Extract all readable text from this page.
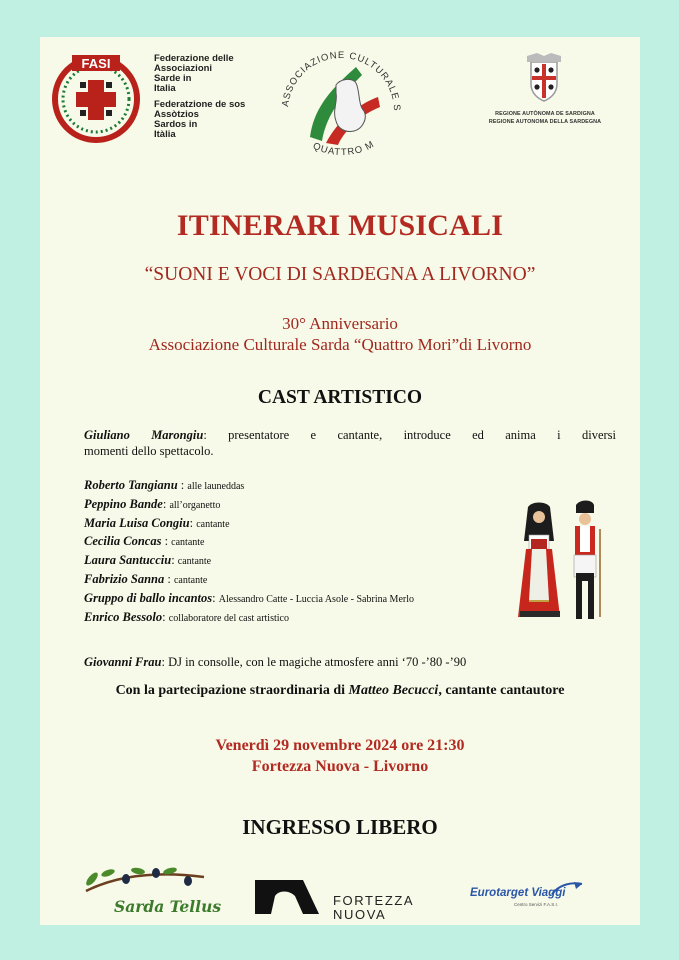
FASI	Federazione delle
Associazioni
Sarde in
Italia
Federatzione de sos
Assòtzios
Sardos in
Itàlia
ASSOCIAZIONE CULTURALE S
QUATTRO M
REGIONE AUTÒNOMA DE SARDIGNA
REGIONE AUTONOMA DELLA SARDEGNA
ITINERARI MUSICALI
“SUONI E VOCI DI SARDEGNA A LIVORNO”
30° Anniversario
Associazione Culturale Sarda “Quattro Mori”di Livorno
CAST ARTISTICO
Giuliano Marongiu: presentatore e cantante, introduce ed anima i diversi
momenti dello spettacolo.
Roberto Tangianu : alle launeddas
Peppino Bande: all’organetto
Maria Luisa Congiu: cantante
Cecilia Concas : cantante
Laura Santucciu: cantante
Fabrizio Sanna : cantante
Gruppo di ballo incantos: Alessandro Catte - Luccia Asole - Sabrina Merlo
Enrico Bessolo: collaboratore del cast artistico
Giovanni Frau: DJ in consolle, con le magiche atmosfere anni ‘70 -’80 -’90
Con la partecipazione straordinaria di Matteo Becucci, cantante cantautore
Venerdì 29 novembre 2024 ore 21:30
Fortezza Nuova - Livorno
INGRESSO LIBERO
Sarda Tellus	FORTEZZA
NUOVA
Eurotarget Viaggi
Centro Servizi F.A.S.I.
